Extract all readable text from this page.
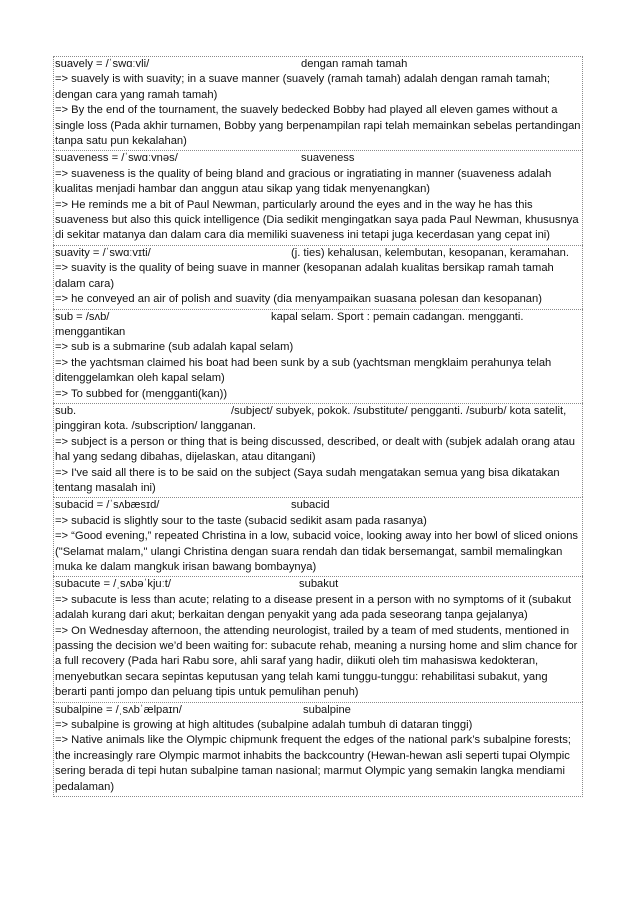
suavely = /ˈswɑːvli/	dengan ramah tamah

=> suavely is with suavity; in a suave manner (suavely (ramah tamah) adalah dengan ramah tamah; dengan cara yang ramah tamah)
=> By the end of the tournament, the suavely bedecked Bobby had played all eleven games without a single loss (Pada akhir turnamen, Bobby yang berpenampilan rapi telah memainkan sebelas pertandingan tanpa satu pun kekalahan)
suaveness = /ˈswɑːvnəs/	suaveness

=> suaveness is the quality of being bland and gracious or ingratiating in manner (suaveness adalah kualitas menjadi hambar dan anggun atau sikap yang tidak menyenangkan)
=> He reminds me a bit of Paul Newman, particularly around the eyes and in the way he has this suaveness but also this quick intelligence (Dia sedikit mengingatkan saya pada Paul Newman, khususnya di sekitar matanya dan dalam cara dia memiliki suaveness ini tetapi juga kecerdasan yang cepat ini)
suavity = /ˈswɑːvɪti/	(j. ties) kehalusan, kelembutan, kesopanan, keramahan.

=> suavity is the quality of being suave in manner (kesopanan adalah kualitas bersikap ramah tamah dalam cara)
=> he conveyed an air of polish and suavity (dia menyampaikan suasana polesan dan kesopanan)
sub = /sʌb/	kapal selam. Sport : pemain cadangan. mengganti.

menggantikan
=> sub is a submarine (sub adalah kapal selam)
=> the yachtsman claimed his boat had been sunk by a sub (yachtsman mengklaim perahunya telah ditenggelamkan oleh kapal selam)
=> To subbed for (mengganti(kan))
sub.	/subject/ subyek, pokok. /substitute/ pengganti. /suburb/ kota satelit,

pinggiran kota. /subscription/ langganan.
=> subject is a person or thing that is being discussed, described, or dealt with (subjek adalah orang atau hal yang sedang dibahas, dijelaskan, atau ditangani)
=> I've said all there is to be said on the subject (Saya sudah mengatakan semua yang bisa dikatakan tentang masalah ini)
subacid = /ˈsʌbæsɪd/	subacid

=> subacid is slightly sour to the taste (subacid sedikit asam pada rasanya)
=> “Good evening,” repeated Christina in a low, subacid voice, looking away into her bowl of sliced onions ("Selamat malam," ulangi Christina dengan suara rendah dan tidak bersemangat, sambil memalingkan muka ke dalam mangkuk irisan bawang bombaynya)
subacute = /ˌsʌbəˈkjuːt/	subakut

=> subacute is less than acute; relating to a disease present in a person with no symptoms of it (subakut adalah kurang dari akut; berkaitan dengan penyakit yang ada pada seseorang tanpa gejalanya)
=> On Wednesday afternoon, the attending neurologist, trailed by a team of med students, mentioned in passing the decision we’d been waiting for: subacute rehab, meaning a nursing home and slim chance for a full recovery (Pada hari Rabu sore, ahli saraf yang hadir, diikuti oleh tim mahasiswa kedokteran, menyebutkan secara sepintas keputusan yang telah kami tunggu-tunggu: rehabilitasi subakut, yang berarti panti jompo dan peluang tipis untuk pemulihan penuh)
subalpine = /ˌsʌbˈælpaɪn/	subalpine

=> subalpine is growing at high altitudes (subalpine adalah tumbuh di dataran tinggi)
=> Native animals like the Olympic chipmunk frequent the edges of the national park’s subalpine forests; the increasingly rare Olympic marmot inhabits the backcountry (Hewan-hewan asli seperti tupai Olympic sering berada di tepi hutan subalpine taman nasional; marmut Olympic yang semakin langka mendiami pedalaman)
